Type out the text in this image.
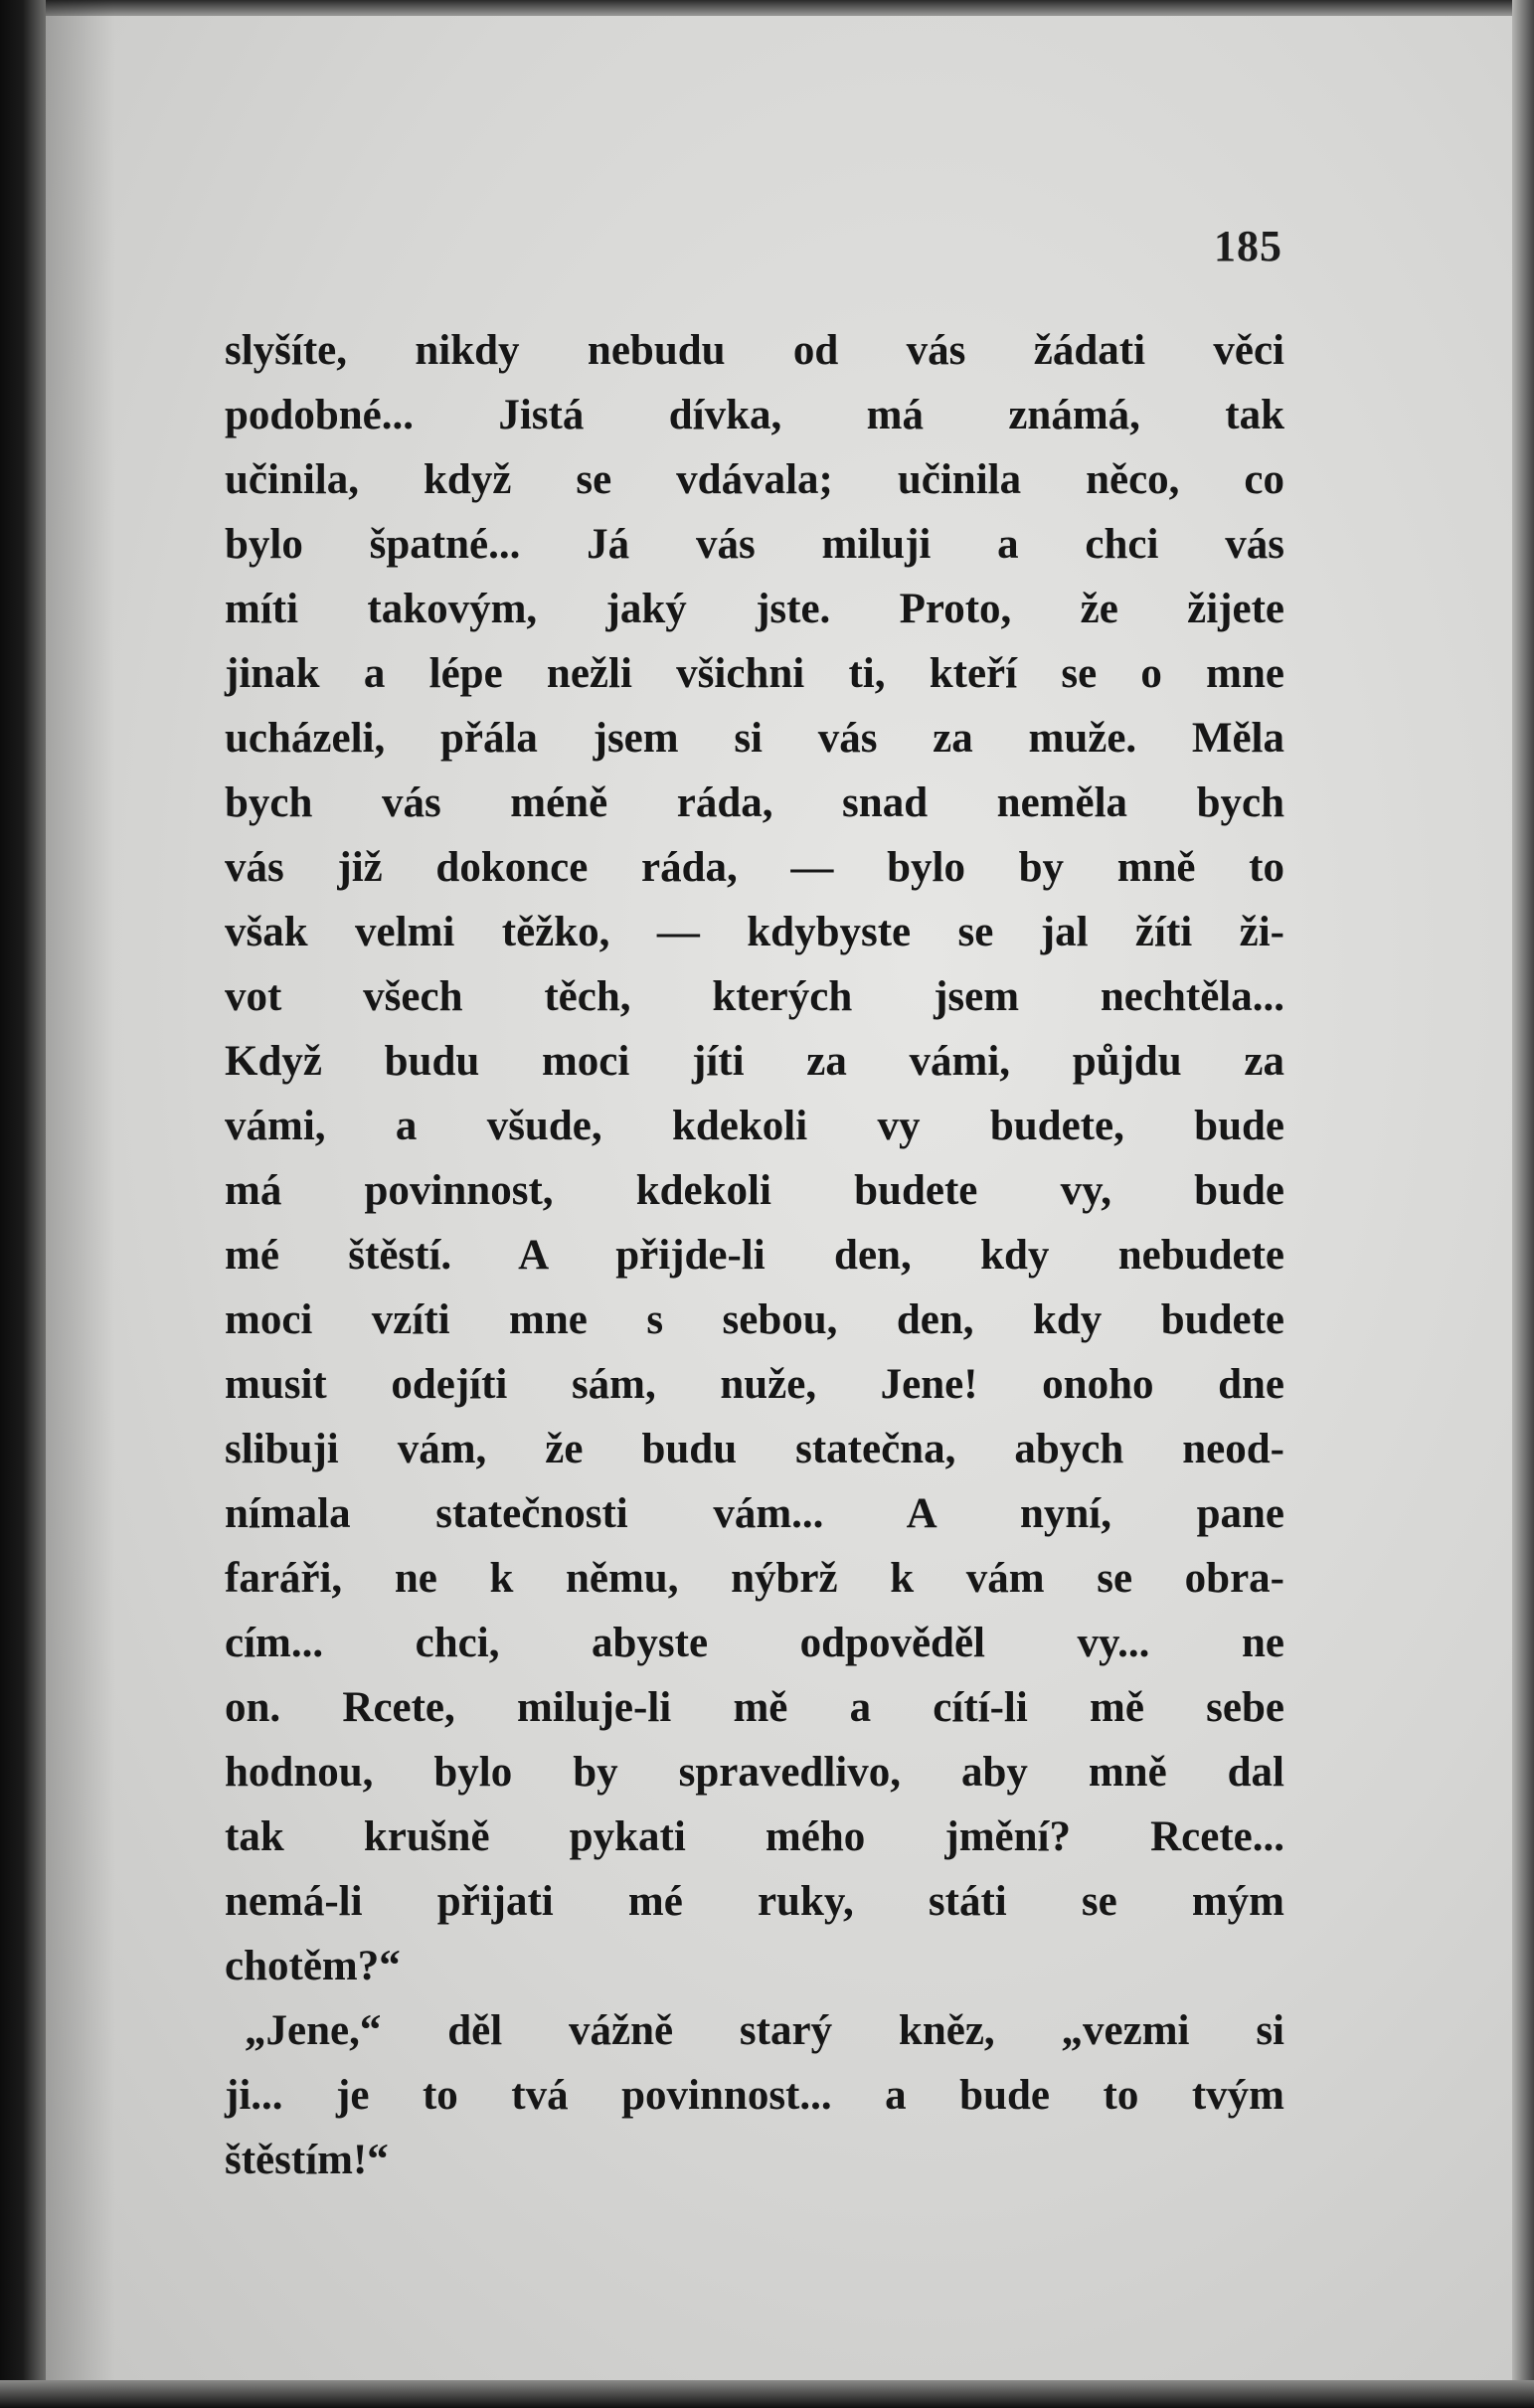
185
slyšíte, nikdy nebudu od vás žádati věci
podobné... Jistá dívka, má známá, tak
učinila, když se vdávala; učinila něco, co
bylo špatné... Já vás miluji a chci vás
míti takovým, jaký jste. Proto, že žijete
jinak a lépe nežli všichni ti, kteří se o mne
ucházeli, přála jsem si vás za muže. Měla
bych vás méně ráda, snad neměla bych
vás již dokonce ráda, — bylo by mně to
však velmi těžko, — kdybyste se jal žíti ži-
vot všech těch, kterých jsem nechtěla...
Když budu moci jíti za vámi, půjdu za
vámi, a všude, kdekoli vy budete, bude
má povinnost, kdekoli budete vy, bude
mé štěstí. A přijde-li den, kdy nebudete
moci vzíti mne s sebou, den, kdy budete
musit odejíti sám, nuže, Jene! onoho dne
slibuji vám, že budu statečna, abych neod-
nímala statečnosti vám... A nyní, pane
faráři, ne k němu, nýbrž k vám se obra-
cím... chci, abyste odpověděl vy... ne
on. Rcete, miluje-li mě a cítí-li mě sebe
hodnou, bylo by spravedlivo, aby mně dal
tak krušně pykati mého jmění? Rcete...
nemá-li přijati mé ruky, státi se mým
chotěm?“
„Jene,“ děl vážně starý kněz, „vezmi si
ji... je to tvá povinnost... a bude to tvým
štěstím!“
